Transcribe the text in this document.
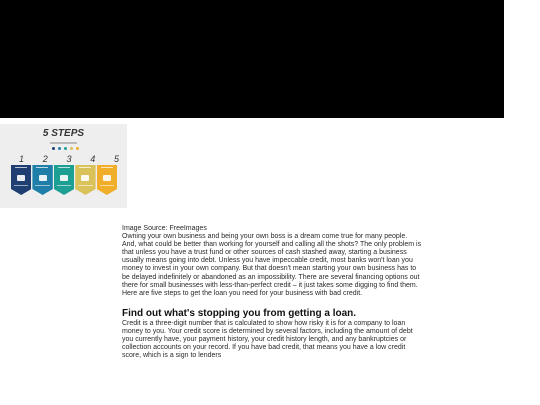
5 STEPS
1 2 3 4 5

Image Source: FreeImages

Owning your own business and being your own boss is a dream come true for many people. And, what could be better than working for yourself and calling all the shots? The only problem is that unless you have a trust fund or other sources of cash stashed away, starting a business usually means going into debt. Unless you have impeccable credit, most banks won't loan you money to invest in your own company. But that doesn't mean starting your own business has to be delayed indefinitely or abandoned as an impossibility. There are several financing options out there for small businesses with less-than-perfect credit – it just takes some digging to find them. Here are five steps to get the loan you need for your business with bad credit.

Find out what's stopping you from getting a loan.

Credit is a three-digit number that is calculated to show how risky it is for a company to loan money to you. Your credit score is determined by several factors, including the amount of debt you currently have, your payment history, your credit history length, and any bankruptcies or collection accounts on your record. If you have bad credit, that means you have a low credit score, which is a sign to lenders
